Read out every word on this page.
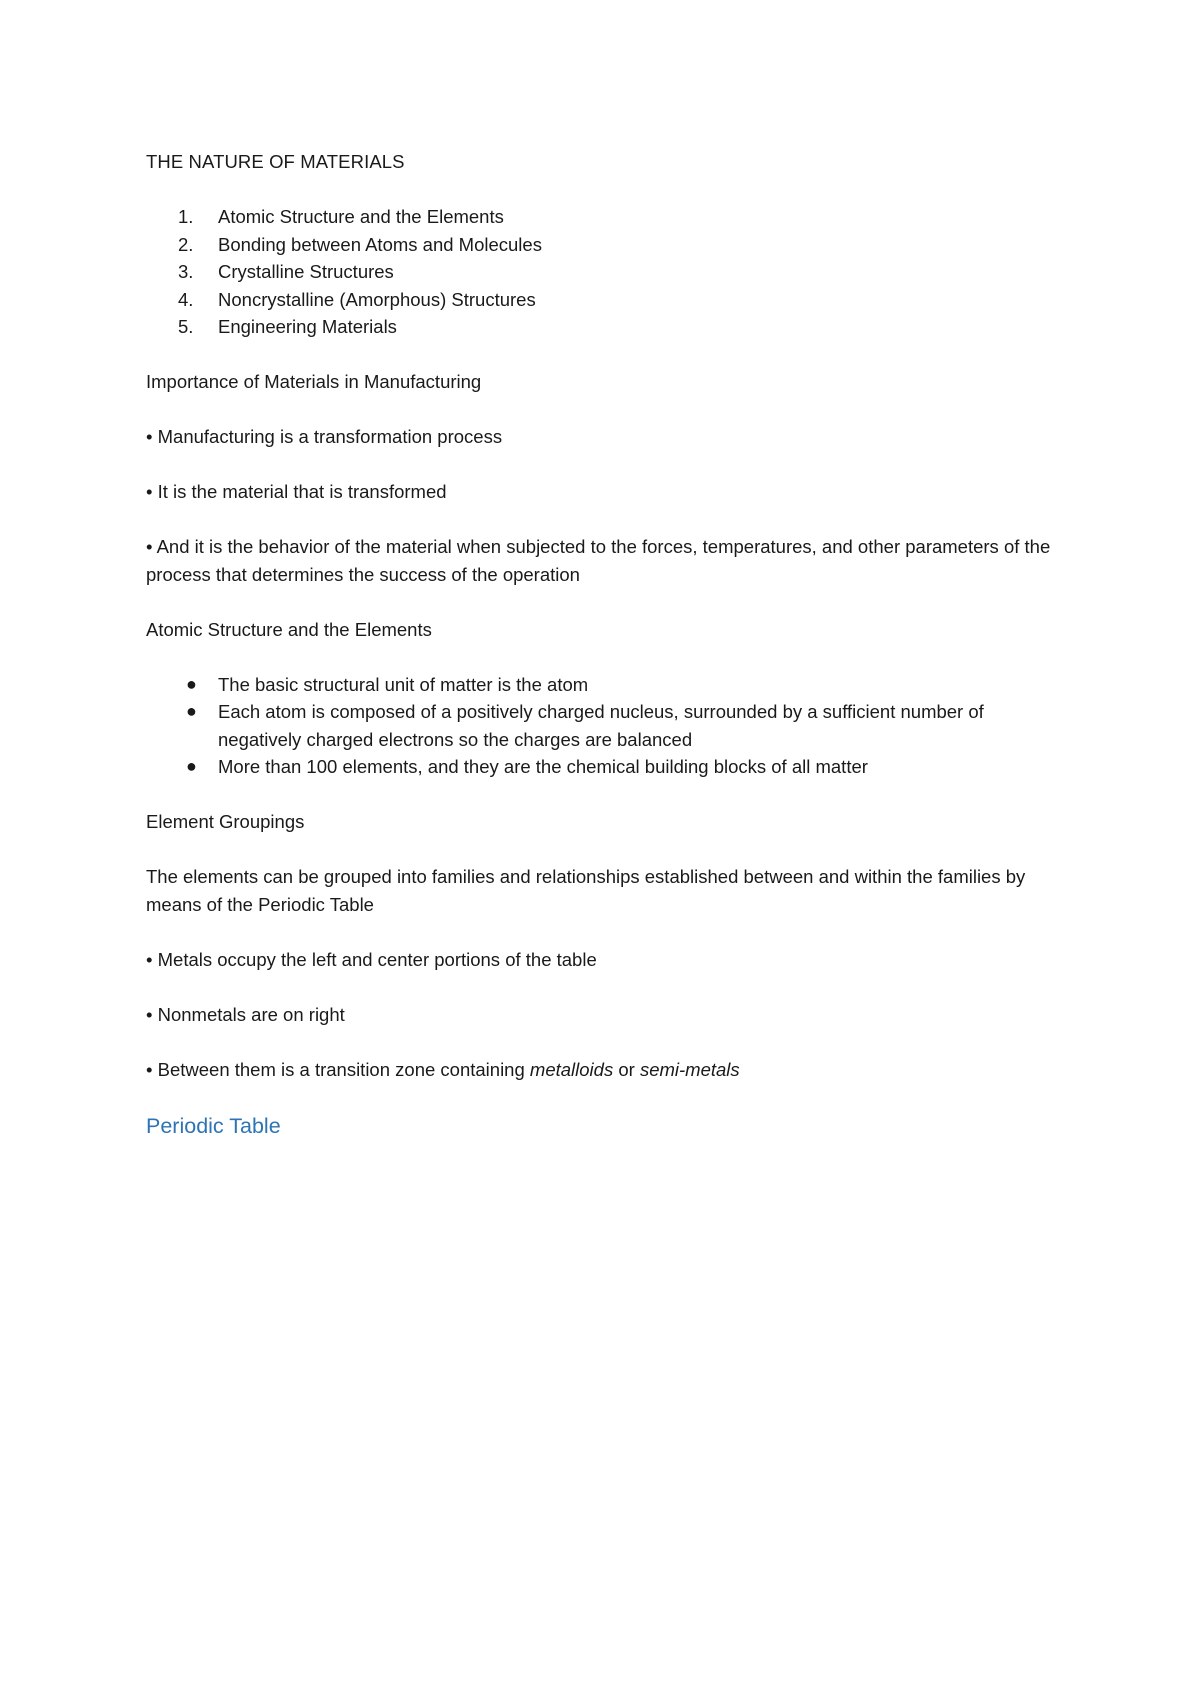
THE NATURE OF MATERIALS

1. Atomic Structure and the Elements
2. Bonding between Atoms and Molecules
3. Crystalline Structures
4. Noncrystalline (Amorphous) Structures
5. Engineering Materials

Importance of Materials in Manufacturing

• Manufacturing is a transformation process

• It is the material that is transformed

• And it is the behavior of the material when subjected to the forces, temperatures, and other parameters of the process that determines the success of the operation

Atomic Structure and the Elements

● The basic structural unit of matter is the atom
● Each atom is composed of a positively charged nucleus, surrounded by a sufficient number of negatively charged electrons so the charges are balanced
● More than 100 elements, and they are the chemical building blocks of all matter

Element Groupings

The elements can be grouped into families and relationships established between and within the families by means of the Periodic Table

• Metals occupy the left and center portions of the table

• Nonmetals are on right

• Between them is a transition zone containing metalloids or semi-metals

Periodic Table
